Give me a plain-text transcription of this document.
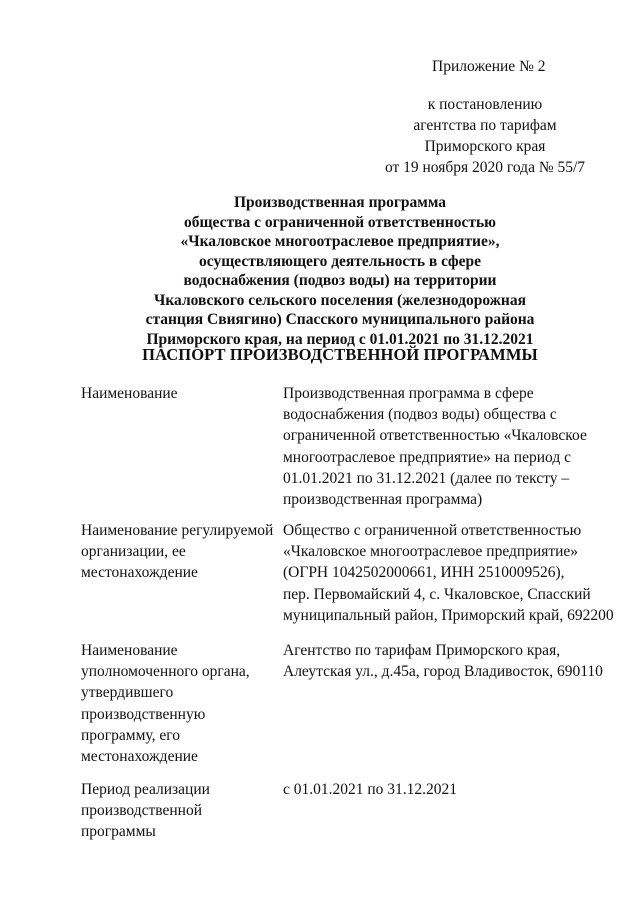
Приложение № 2
к постановлению
агентства по тарифам
Приморского края
от 19 ноября 2020 года № 55/7
Производственная программа
общества с ограниченной ответственностью
«Чкаловское многоотраслевое предприятие»,
осуществляющего деятельность в сфере
водоснабжения (подвоз воды) на территории
Чкаловского сельского поселения (железнодорожная
станция Свиягино) Спасского муниципального района
Приморского края, на период с 01.01.2021 по 31.12.2021
ПАСПОРТ ПРОИЗВОДСТВЕННОЙ ПРОГРАММЫ
Наименование	Производственная программа в сфере
водоснабжения (подвоз воды) общества с
ограниченной ответственностью «Чкаловское
многоотраслевое предприятие» на период с
01.01.2021 по 31.12.2021 (далее по тексту –
производственная программа)
Наименование регулируемой
организации, ее
местонахождение
Общество с ограниченной ответственностью
«Чкаловское многоотраслевое предприятие»
(ОГРН 1042502000661, ИНН 2510009526),
пер. Первомайский 4, с. Чкаловское, Спасский
муниципальный район, Приморский край, 692200
Наименование
уполномоченного органа,
утвердившего
производственную
программу, его
местонахождение
Агентство по тарифам Приморского края,
Алеутская ул., д.45а, город Владивосток, 690110
Период реализации
производственной
программы
с 01.01.2021 по 31.12.2021
